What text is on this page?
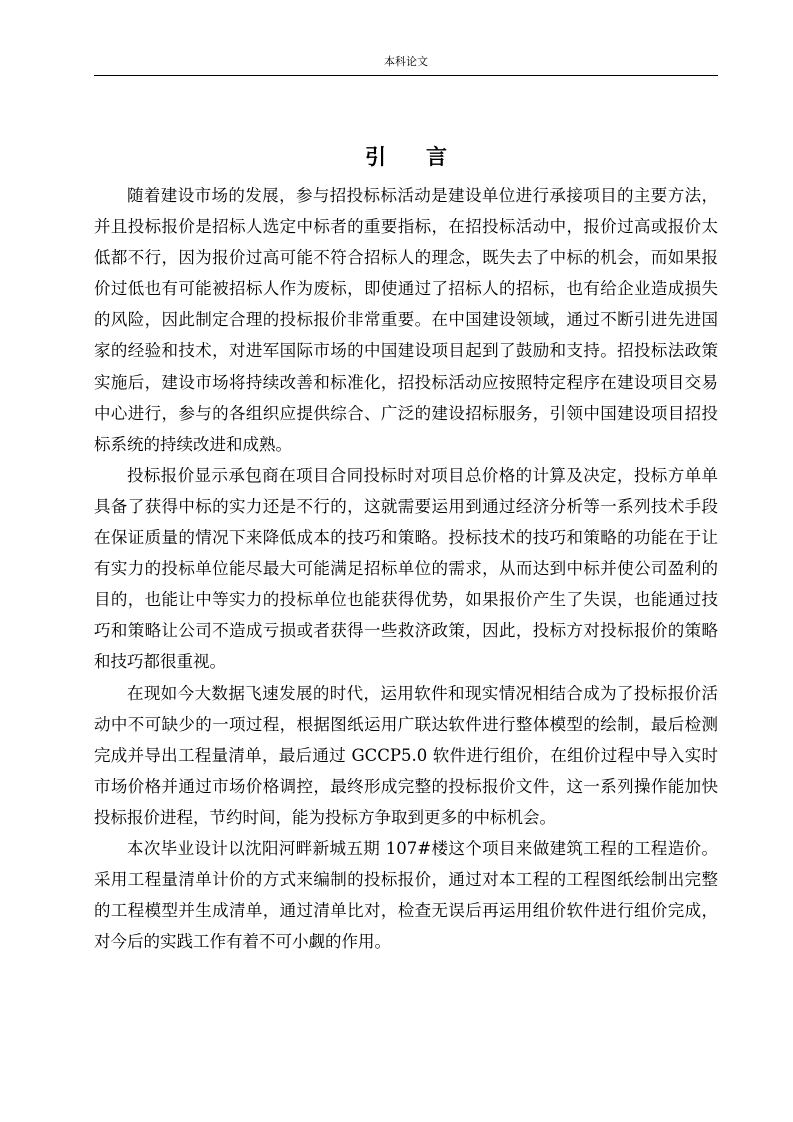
本科论文
引言

随着建设市场的发展，参与招投标标活动是建设单位进行承接项目的主要方法，并且投标报价是招标人选定中标者的重要指标，在招投标活动中，报价过高或报价太低都不行，因为报价过高可能不符合招标人的理念，既失去了中标的机会，而如果报价过低也有可能被招标人作为废标，即使通过了招标人的招标，也有给企业造成损失的风险，因此制定合理的投标报价非常重要。在中国建设领域，通过不断引进先进国家的经验和技术，对进军国际市场的中国建设项目起到了鼓励和支持。招投标法政策实施后，建设市场将持续改善和标准化，招投标活动应按照特定程序在建设项目交易中心进行，参与的各组织应提供综合、广泛的建设招标服务，引领中国建设项目招投标系统的持续改进和成熟。

投标报价显示承包商在项目合同投标时对项目总价格的计算及决定，投标方单单具备了获得中标的实力还是不行的，这就需要运用到通过经济分析等一系列技术手段在保证质量的情况下来降低成本的技巧和策略。投标技术的技巧和策略的功能在于让有实力的投标单位能尽最大可能满足招标单位的需求，从而达到中标并使公司盈利的目的，也能让中等实力的投标单位也能获得优势，如果报价产生了失误，也能通过技巧和策略让公司不造成亏损或者获得一些救济政策，因此，投标方对投标报价的策略和技巧都很重视。

在现如今大数据飞速发展的时代，运用软件和现实情况相结合成为了投标报价活动中不可缺少的一项过程，根据图纸运用广联达软件进行整体模型的绘制，最后检测完成并导出工程量清单，最后通过 GCCP5.0 软件进行组价，在组价过程中导入实时市场价格并通过市场价格调控，最终形成完整的投标报价文件，这一系列操作能加快投标报价进程，节约时间，能为投标方争取到更多的中标机会。

本次毕业设计以沈阳河畔新城五期 107#楼这个项目来做建筑工程的工程造价。采用工程量清单计价的方式来编制的投标报价，通过对本工程的工程图纸绘制出完整的工程模型并生成清单，通过清单比对，检查无误后再运用组价软件进行组价完成，对今后的实践工作有着不可小觑的作用。
